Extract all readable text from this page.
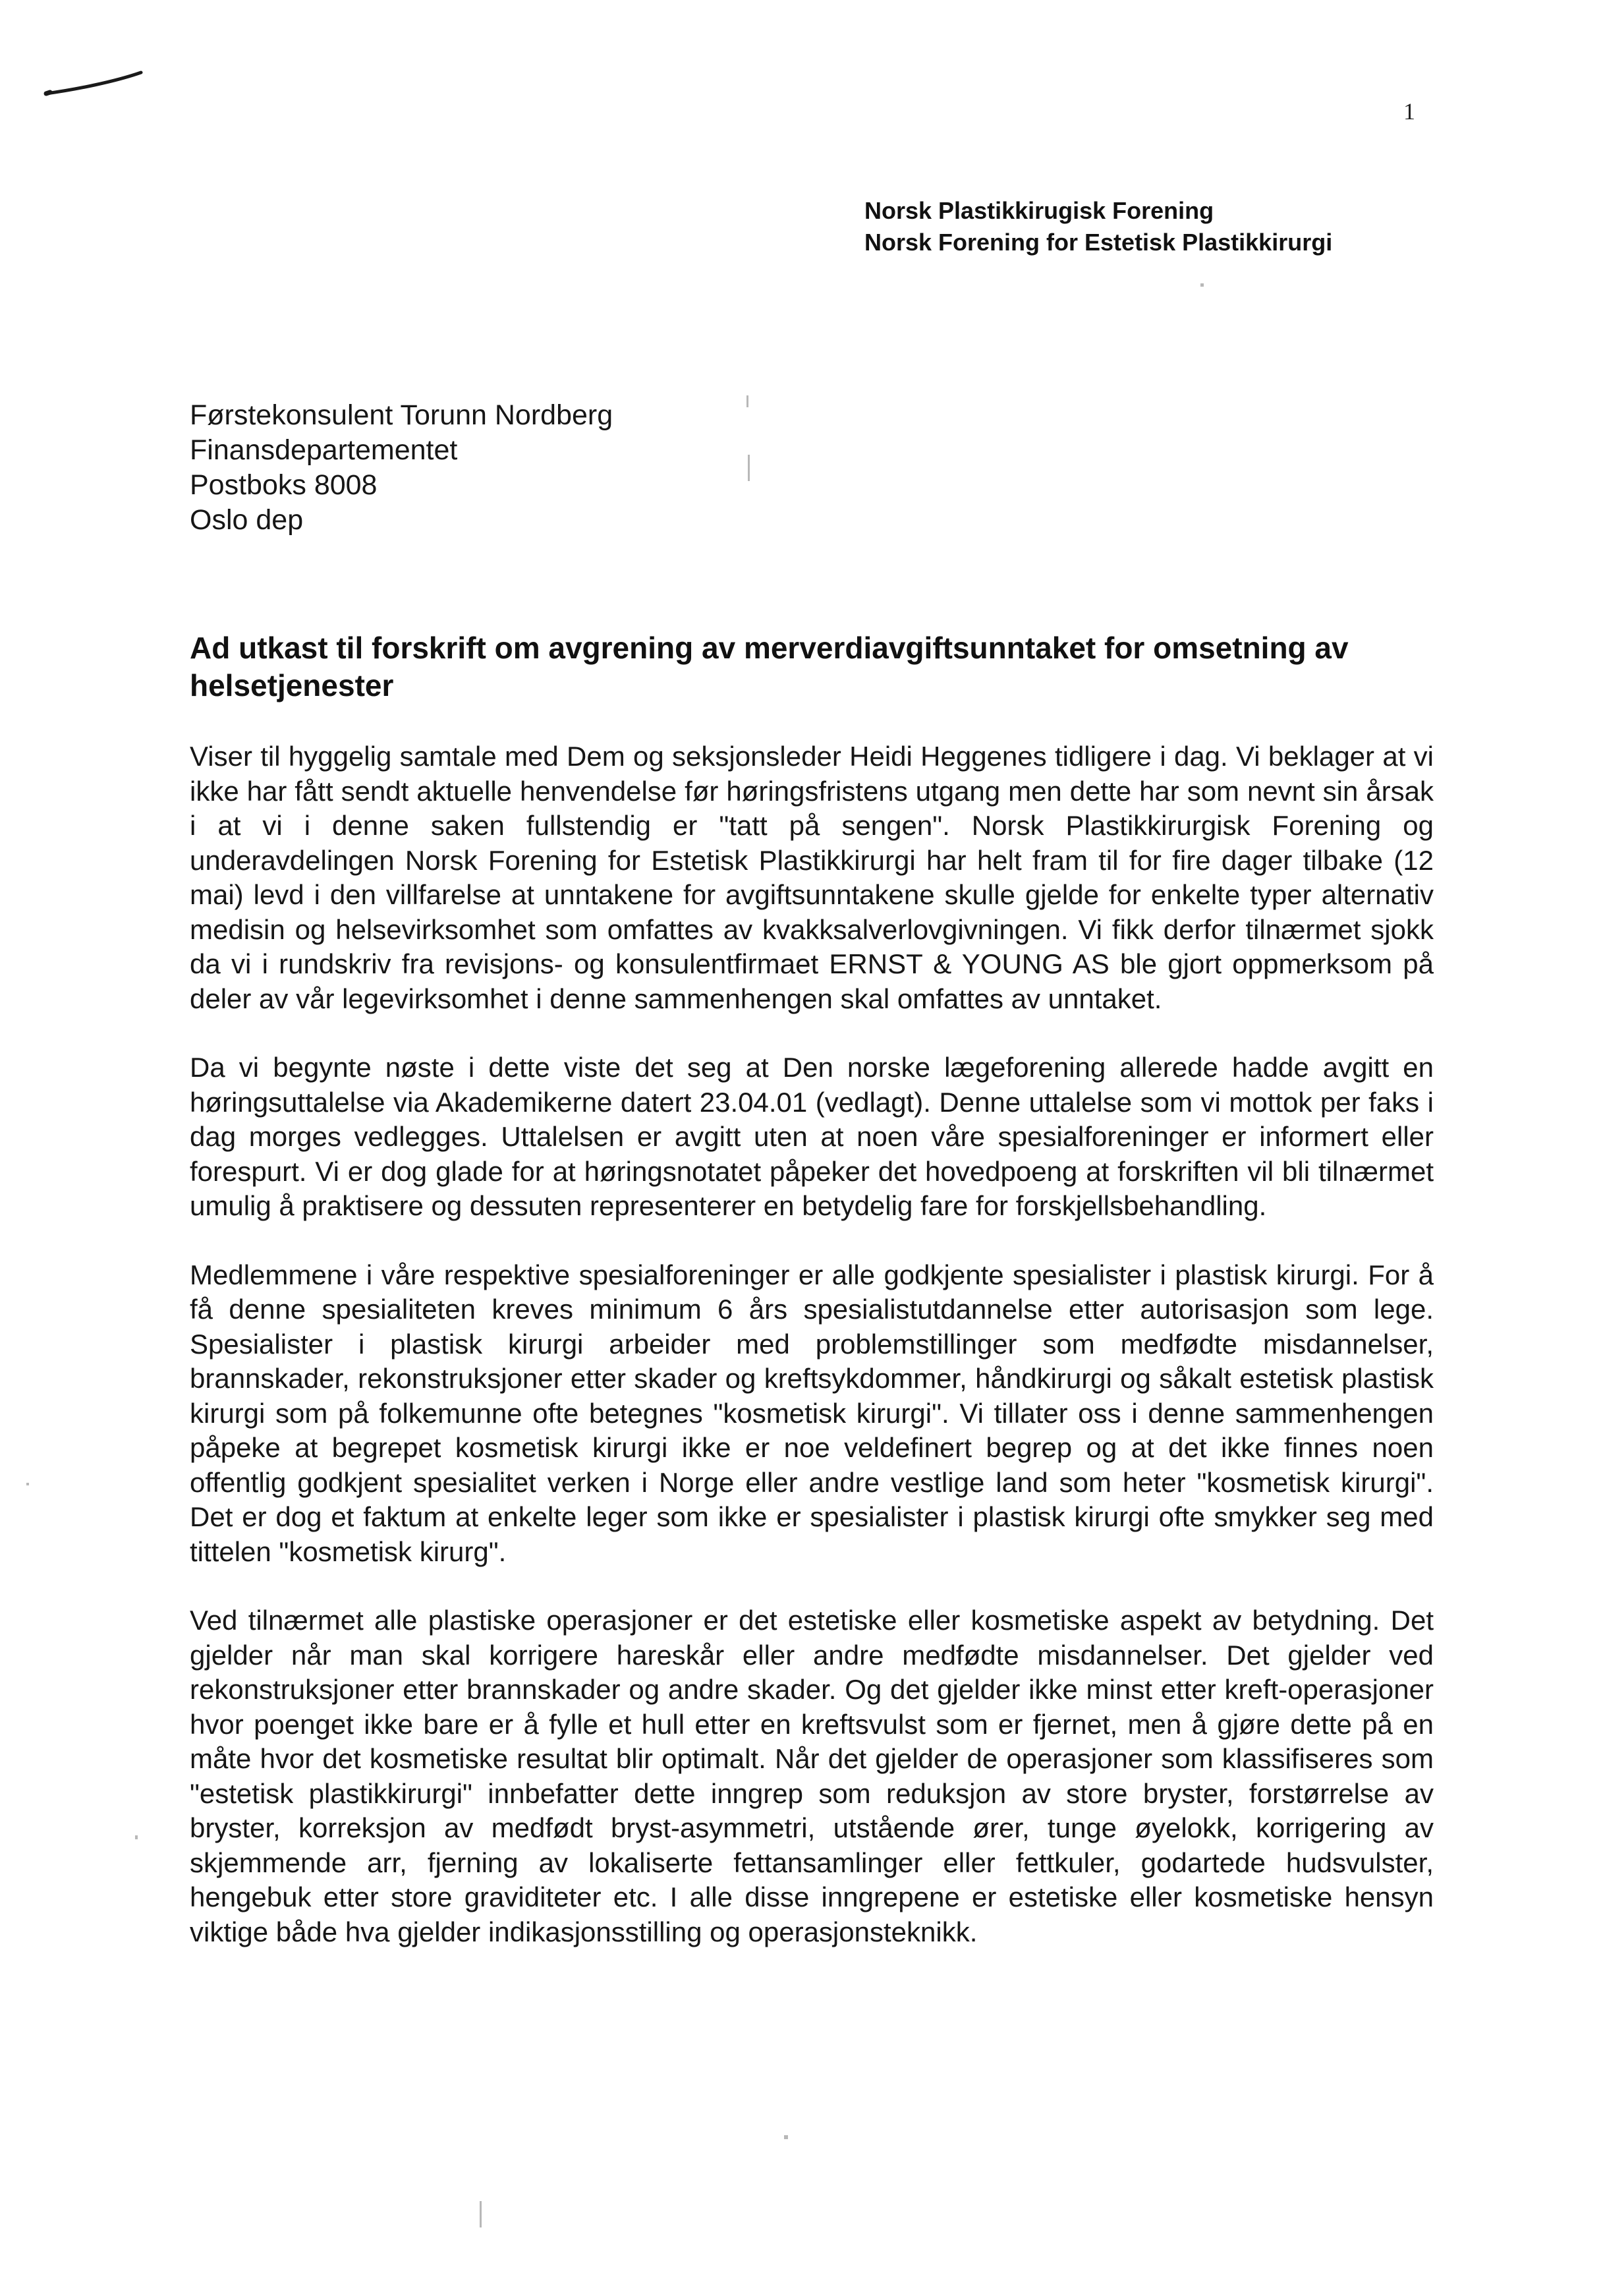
1
Norsk Plastikkirugisk Forening
Norsk Forening for Estetisk Plastikkirurgi
Førstekonsulent Torunn Nordberg
Finansdepartementet
Postboks 8008
Oslo dep
Ad utkast til forskrift om avgrening av merverdiavgiftsunntaket for omsetning av helsetjenester

Viser til hyggelig samtale med Dem og seksjonsleder Heidi Heggenes tidligere i dag. Vi beklager at vi ikke har fått sendt aktuelle henvendelse før høringsfristens utgang men dette har som nevnt sin årsak i at vi i denne saken fullstendig er "tatt på sengen". Norsk Plastikkirurgisk Forening og underavdelingen Norsk Forening for Estetisk Plastikkirurgi har helt fram til for fire dager tilbake (12 mai) levd i den villfarelse at unntakene for avgiftsunntakene skulle gjelde for enkelte typer alternativ medisin og helsevirksomhet som omfattes av kvakksalverlovgivningen. Vi fikk derfor tilnærmet sjokk da vi i rundskriv fra revisjons- og konsulentfirmaet ERNST & YOUNG AS ble gjort oppmerksom på deler av vår legevirksomhet i denne sammenhengen skal omfattes av unntaket.

Da vi begynte nøste i dette viste det seg at Den norske lægeforening allerede hadde avgitt en høringsuttalelse via Akademikerne datert 23.04.01 (vedlagt). Denne uttalelse som vi mottok per faks i dag morges vedlegges. Uttalelsen er avgitt uten at noen våre spesialforeninger er informert eller forespurt. Vi er dog glade for at høringsnotatet påpeker det hovedpoeng at forskriften vil bli tilnærmet umulig å praktisere og dessuten representerer en betydelig fare for forskjellsbehandling.

Medlemmene i våre respektive spesialforeninger er alle godkjente spesialister i plastisk kirurgi. For å få denne spesialiteten kreves minimum 6 års spesialistutdannelse etter autorisasjon som lege. Spesialister i plastisk kirurgi arbeider med problemstillinger som medfødte misdannelser, brannskader, rekonstruksjoner etter skader og kreftsykdommer, håndkirurgi og såkalt estetisk plastisk kirurgi som på folkemunne ofte betegnes "kosmetisk kirurgi". Vi tillater oss i denne sammenhengen påpeke at begrepet kosmetisk kirurgi ikke er noe veldefinert begrep og at det ikke finnes noen offentlig godkjent spesialitet verken i Norge eller andre vestlige land som heter "kosmetisk kirurgi". Det er dog et faktum at enkelte leger som ikke er spesialister i plastisk kirurgi ofte smykker seg med tittelen "kosmetisk kirurg".

Ved tilnærmet alle plastiske operasjoner er det estetiske eller kosmetiske aspekt av betydning. Det gjelder når man skal korrigere hareskår eller andre medfødte misdannelser. Det gjelder ved rekonstruksjoner etter brannskader og andre skader. Og det gjelder ikke minst etter kreft-operasjoner hvor poenget ikke bare er å fylle et hull etter en kreftsvulst som er fjernet, men å gjøre dette på en måte hvor det kosmetiske resultat blir optimalt. Når det gjelder de operasjoner som klassifiseres som "estetisk plastikkirurgi" innbefatter dette inngrep som reduksjon av store bryster, forstørrelse av bryster, korreksjon av medfødt bryst-asymmetri, utstående ører, tunge øyelokk, korrigering av skjemmende arr, fjerning av lokaliserte fettansamlinger eller fettkuler, godartede hudsvulster, hengebuk etter store graviditeter etc. I alle disse inngrepene er estetiske eller kosmetiske hensyn viktige både hva gjelder indikasjonsstilling og operasjonsteknikk.
